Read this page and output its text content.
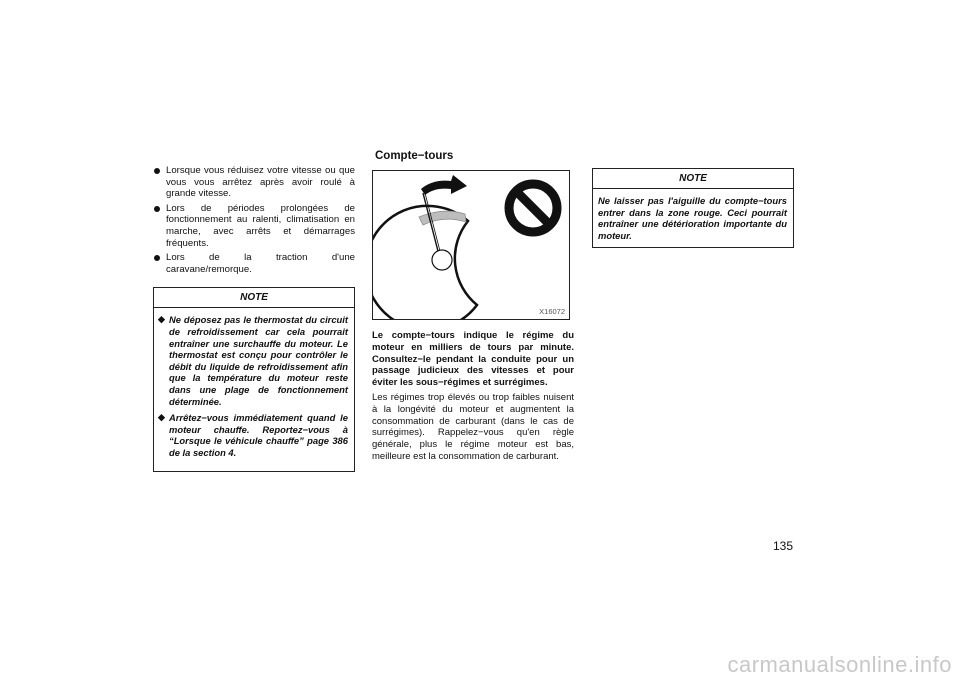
Lorsque vous réduisez votre vitesse ou que vous vous arrêtez après avoir roulé à grande vitesse.
Lors de périodes prolongées de fonctionnement au ralenti, climatisation en marche, avec arrêts et démarrages fréquents.
Lors de la traction d'une caravane/remorque.
NOTE
◆ Ne déposez pas le thermostat du circuit de refroidissement car cela pourrait entraîner une surchauffe du moteur. Le thermostat est conçu pour contrôler le débit du liquide de refroidissement afin que la température du moteur reste dans une plage de fonctionnement déterminée.
◆ Arrêtez−vous immédiatement quand le moteur chauffe. Reportez−vous à “Lorsque le véhicule chauffe” page 386 de la section 4.
Compte−tours
X16072

Le compte−tours indique le régime du moteur en milliers de tours par minute. Consultez−le pendant la conduite pour un passage judicieux des vitesses et pour éviter les sous−régimes et surrégimes.

Les régimes trop élevés ou trop faibles nuisent à la longévité du moteur et augmentent la consommation de carburant (dans le cas de surrégimes). Rappelez−vous qu'en règle générale, plus le régime moteur est bas, meilleure est la consommation de carburant.

NOTE
Ne laisser pas l'aiguille du compte−tours entrer dans la zone rouge. Ceci pourrait entraîner une détérioration importante du moteur.
135
carmanualsonline.info
